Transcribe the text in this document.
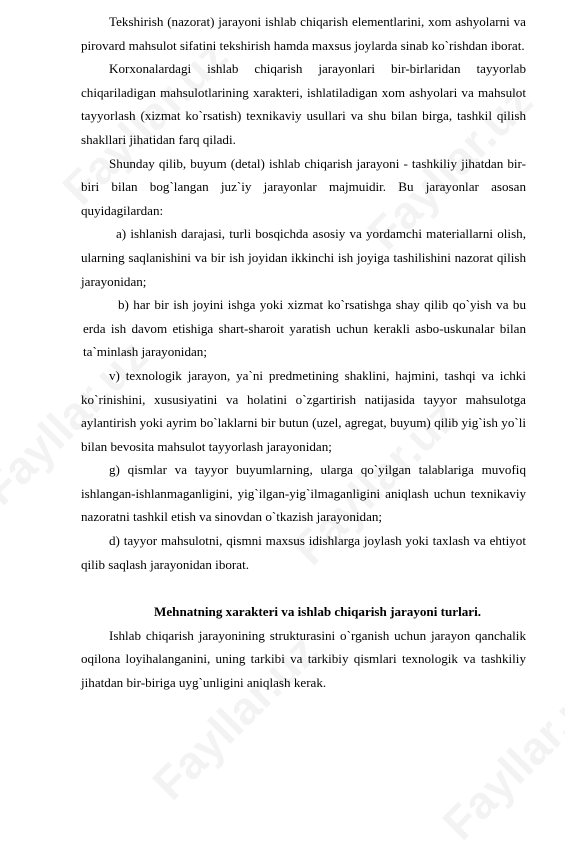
Tekshirish (nazorat) jarayoni ishlab chiqarish elementlarini, xom ashyolarni va pirovard mahsulot sifatini tekshirish hamda maxsus joylarda sinab ko`rishdan iborat.

Korxonalardagi ishlab chiqarish jarayonlari bir-birlaridan tayyorlab chiqariladigan mahsulotlarining xarakteri, ishlatiladigan xom ashyolari va mahsulot tayyorlash (xizmat ko`rsatish) texnikaviy usullari va shu bilan birga, tashkil qilish shakllari jihatidan farq qiladi.

Shunday qilib, buyum (detal) ishlab chiqarish jarayoni - tashkiliy jihatdan bir-biri bilan bog`langan juz`iy jarayonlar majmuidir. Bu jarayonlar asosan quyidagilardan:

a) ishlanish darajasi, turli bosqichda asosiy va yordamchi materiallarni olish, ularning saqlanishini va bir ish joyidan ikkinchi ish joyiga tashilishini nazorat qilish jarayonidan;

b) har bir ish joyini ishga yoki xizmat ko`rsatishga shay qilib qo`yish va bu erda ish davom etishiga shart-sharoit yaratish uchun kerakli asbo-uskunalar bilan ta`minlash jarayonidan;

v) texnologik jarayon, ya`ni predmetining shaklini, hajmini, tashqi va ichki ko`rinishini, xususiyatini va holatini o`zgartirish natijasida tayyor mahsulotga aylantirish yoki ayrim bo`laklarni bir butun (uzel, agregat, buyum) qilib yig`ish yo`li bilan bevosita mahsulot tayyorlash jarayonidan;

g) qismlar va tayyor buyumlarning, ularga qo`yilgan talablariga muvofiq ishlangan-ishlanmaganligini, yig`ilgan-yig`ilmaganligini aniqlash uchun texnikaviy nazoratni tashkil etish va sinovdan o`tkazish jarayonidan;

d) tayyor mahsulotni, qismni maxsus idishlarga joylash yoki taxlash va ehtiyot qilib saqlash jarayonidan iborat.

Mehnatning xarakteri va ishlab chiqarish jarayoni turlari.

Ishlab chiqarish jarayonining strukturasini o`rganish uchun jarayon qanchalik oqilona loyihalanganini, uning tarkibi va tarkibiy qismlari texnologik va tashkiliy jihatdan bir-biriga uyg`unligini aniqlash kerak.
